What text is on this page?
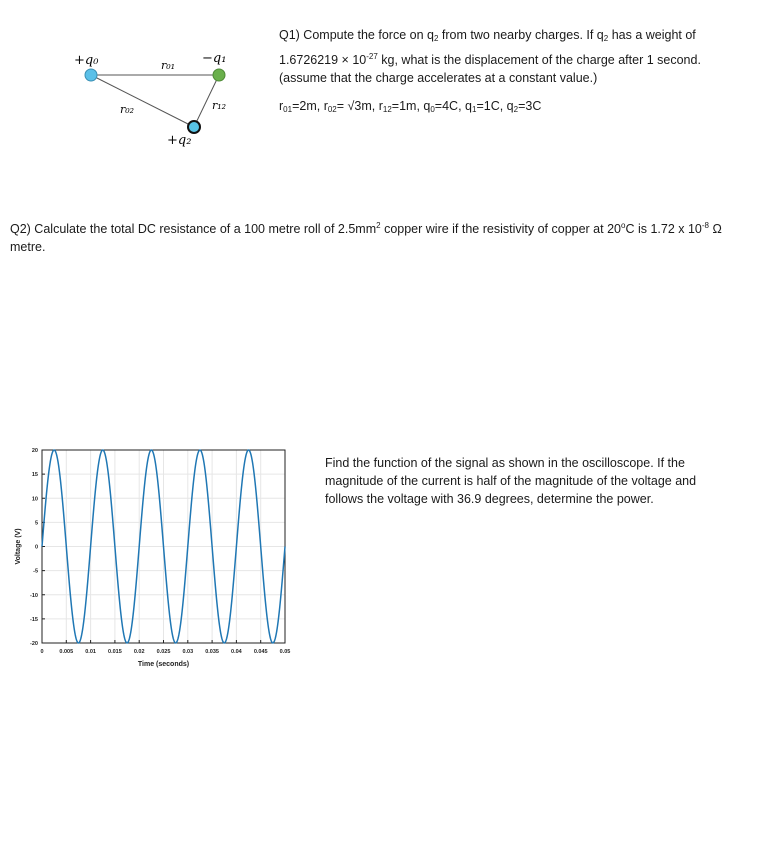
Q1) Compute the force on $q_2$ from two nearby charges. If $q_2$ has a weight of
$1.6726219 \times 10^{-27}$ kg, what is the displacement of the charge after 1 second.
(assume that the charge accelerates at a constant value.)
$r_{01}=2m$, $r_{02}= √3m$, $r_{12}=1m$, $q_0=4C$, $q_1=1C$, $q_2=3C$
+q₀	−q₁
+q₂
r₀₁
r₀₂	r₁₂
Q2) Calculate the total DC resistance of a 100 metre roll of $2.5mm^2$ copper wire if the resistivity of copper at 20$^o$C is 1.72 x $10^{-8}$ Ω
metre.
0	0.005 0.01 0.015 0.02 0.025 0.03 0.035 0.04 0.045 0.05
20
15
10
5
0
-5
-10
-15
-20
Time (seconds)
Voltage (V)
Find the function of the signal as shown in the oscilloscope. If the magnitude of the current is half of the magnitude of the voltage and follows the voltage with 36.9 degrees, determine the power.
